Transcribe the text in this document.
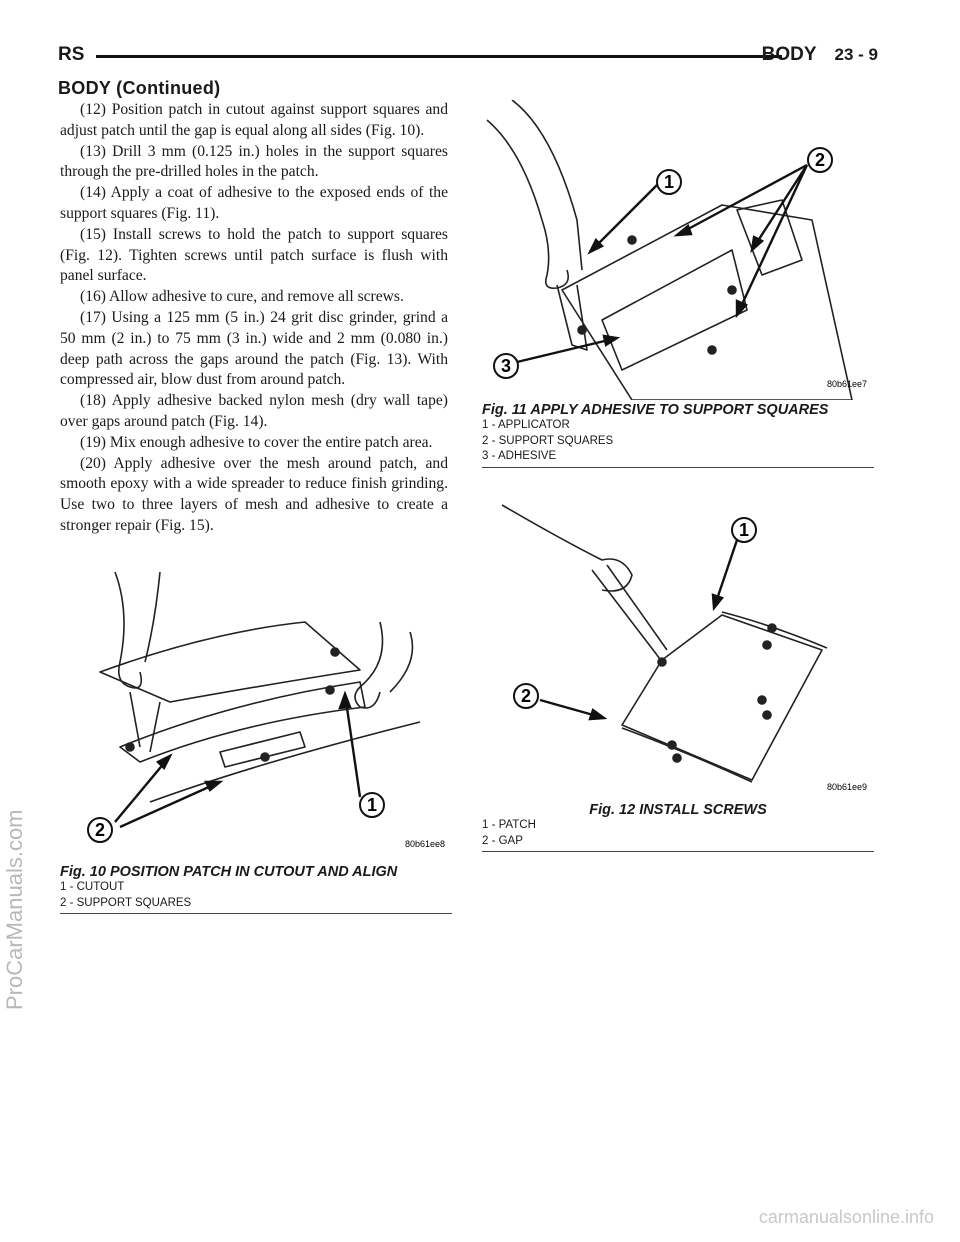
RS	BODY 23 - 9
BODY (Continued)

(12) Position patch in cutout against support squares and adjust patch until the gap is equal along all sides (Fig. 10).

(13) Drill 3 mm (0.125 in.) holes in the support squares through the pre-drilled holes in the patch.

(14) Apply a coat of adhesive to the exposed ends of the support squares (Fig. 11).

(15) Install screws to hold the patch to support squares (Fig. 12). Tighten screws until patch surface is flush with panel surface.

(16) Allow adhesive to cure, and remove all screws.

(17) Using a 125 mm (5 in.) 24 grit disc grinder, grind a 50 mm (2 in.) to 75 mm (3 in.) wide and 2 mm (0.080 in.) deep path across the gaps around the patch (Fig. 13). With compressed air, blow dust from around patch.

(18) Apply adhesive backed nylon mesh (dry wall tape) over gaps around patch (Fig. 14).

(19) Mix enough adhesive to cover the entire patch area.

(20) Apply adhesive over the mesh around patch, and smooth epoxy with a wide spreader to reduce finish grinding. Use two to three layers of mesh and adhesive to create a stronger repair (Fig. 15).

2
1
80b61ee8
Fig. 10 POSITION PATCH IN CUTOUT AND ALIGN
1 - CUTOUT
2 - SUPPORT SQUARES
1
2
3
80b61ee7
Fig. 11 APPLY ADHESIVE TO SUPPORT SQUARES
1 - APPLICATOR
2 - SUPPORT SQUARES
3 - ADHESIVE
1
2
80b61ee9
Fig. 12 INSTALL SCREWS
1 - PATCH
2 - GAP
ProCarManuals.com
carmanualsonline.info
